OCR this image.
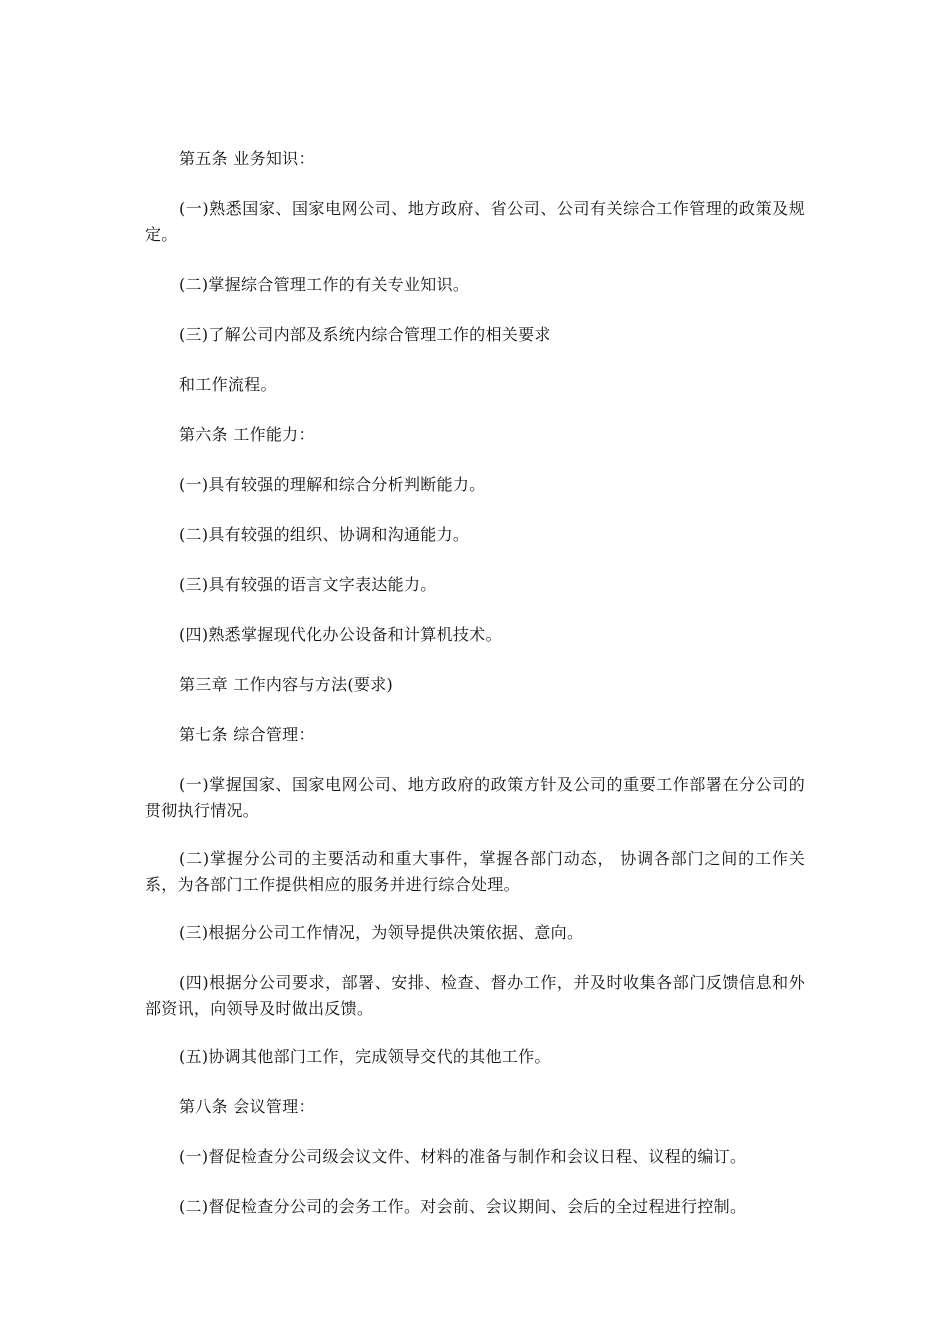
第五条 业务知识：

(一)熟悉国家、国家电网公司、地方政府、省公司、公司有关综合工作管理的政策及规定。

(二)掌握综合管理工作的有关专业知识。

(三)了解公司内部及系统内综合管理工作的相关要求

和工作流程。

第六条 工作能力：

(一)具有较强的理解和综合分析判断能力。

(二)具有较强的组织、协调和沟通能力。

(三)具有较强的语言文字表达能力。

(四)熟悉掌握现代化办公设备和计算机技术。

第三章 工作内容与方法(要求)

第七条 综合管理：

(一)掌握国家、国家电网公司、地方政府的政策方针及公司的重要工作部署在分公司的贯彻执行情况。

(二)掌握分公司的主要活动和重大事件，掌握各部门动态， 协调各部门之间的工作关系，为各部门工作提供相应的服务并进行综合处理。

(三)根据分公司工作情况，为领导提供决策依据、意向。

(四)根据分公司要求，部署、安排、检查、督办工作，并及时收集各部门反馈信息和外部资讯，向领导及时做出反馈。

(五)协调其他部门工作，完成领导交代的其他工作。

第八条 会议管理：

(一)督促检查分公司级会议文件、材料的准备与制作和会议日程、议程的编订。

(二)督促检查分公司的会务工作。对会前、会议期间、会后的全过程进行控制。
